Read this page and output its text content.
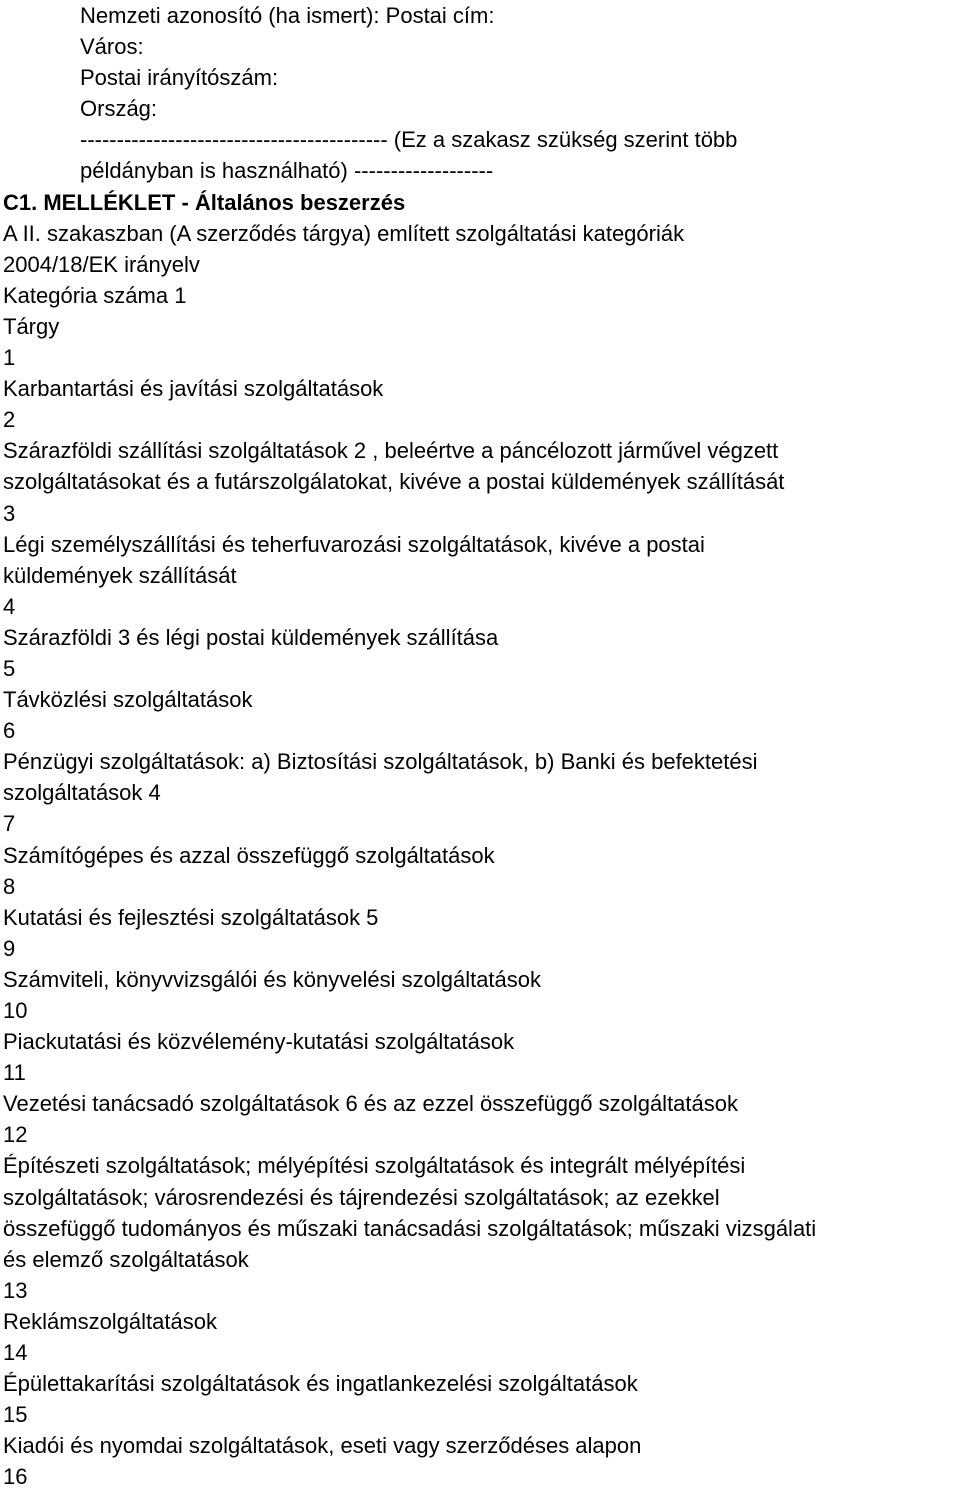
Nemzeti azonosító (ha ismert): Postai cím:
Város:
Postai irányítószám:
Ország:
------------------------------------------ (Ez a szakasz szükség szerint több
példányban is használható) -------------------
C1. MELLÉKLET - Általános beszerzés
A II. szakaszban (A szerződés tárgya) említett szolgáltatási kategóriák
2004/18/EK irányelv
Kategória száma 1
Tárgy
1
Karbantartási és javítási szolgáltatások
2
Szárazföldi szállítási szolgáltatások 2 , beleértve a páncélozott járművel végzett
szolgáltatásokat és a futárszolgálatokat, kivéve a postai küldemények szállítását
3
Légi személyszállítási és teherfuvarozási szolgáltatások, kivéve a postai
küldemények szállítását
4
Szárazföldi 3 és légi postai küldemények szállítása
5
Távközlési szolgáltatások
6
Pénzügyi szolgáltatások: a) Biztosítási szolgáltatások, b) Banki és befektetési
szolgáltatások 4
7
Számítógépes és azzal összefüggő szolgáltatások
8
Kutatási és fejlesztési szolgáltatások 5
9
Számviteli, könyvvizsgálói és könyvelési szolgáltatások
10
Piackutatási és közvélemény-kutatási szolgáltatások
11
Vezetési tanácsadó szolgáltatások 6 és az ezzel összefüggő szolgáltatások
12
Építészeti szolgáltatások; mélyépítési szolgáltatások és integrált mélyépítési
szolgáltatások; városrendezési és tájrendezési szolgáltatások; az ezekkel
összefüggő tudományos és műszaki tanácsadási szolgáltatások; műszaki vizsgálati
és elemző szolgáltatások
13
Reklámszolgáltatások
14
Épülettakarítási szolgáltatások és ingatlankezelési szolgáltatások
15
Kiadói és nyomdai szolgáltatások, eseti vagy szerződéses alapon
16
